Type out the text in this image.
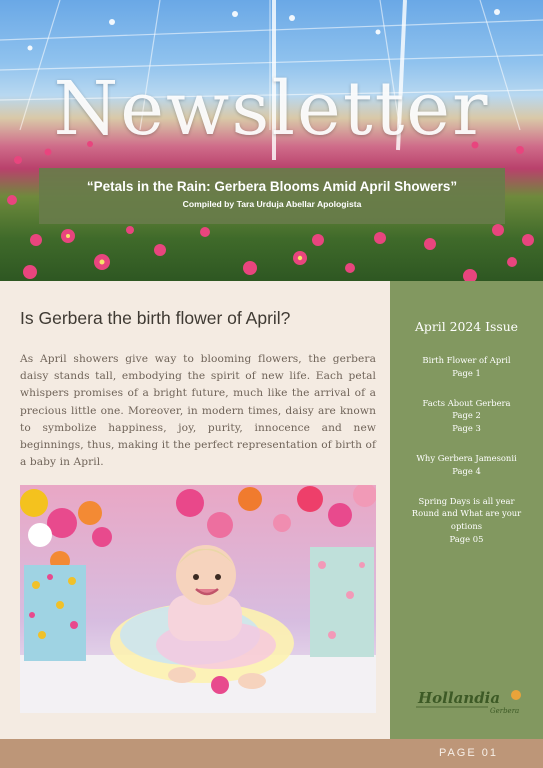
Newsletter
“Petals in the Rain: Gerbera Blooms Amid April Showers”
Compiled by Tara Urduja Abellar Apologista
Is Gerbera the birth flower of April?
As April showers give way to blooming flowers, the gerbera daisy stands tall, embodying the spirit of new life. Each petal whispers promises of a bright future, much like the arrival of a precious little one. Moreover, in modern times, daisy are known to symbolize happiness, joy, purity, innocence and new beginnings, thus, making it the perfect representation of birth of a baby in April.
April 2024 Issue
Birth Flower of April
Page 1
Facts About Gerbera
Page 2
Page 3
Why Gerbera Jamesonii
Page 4
Spring Days is all year Round and What are your options
Page 05
Hollandia
Gerbera
PAGE 01
